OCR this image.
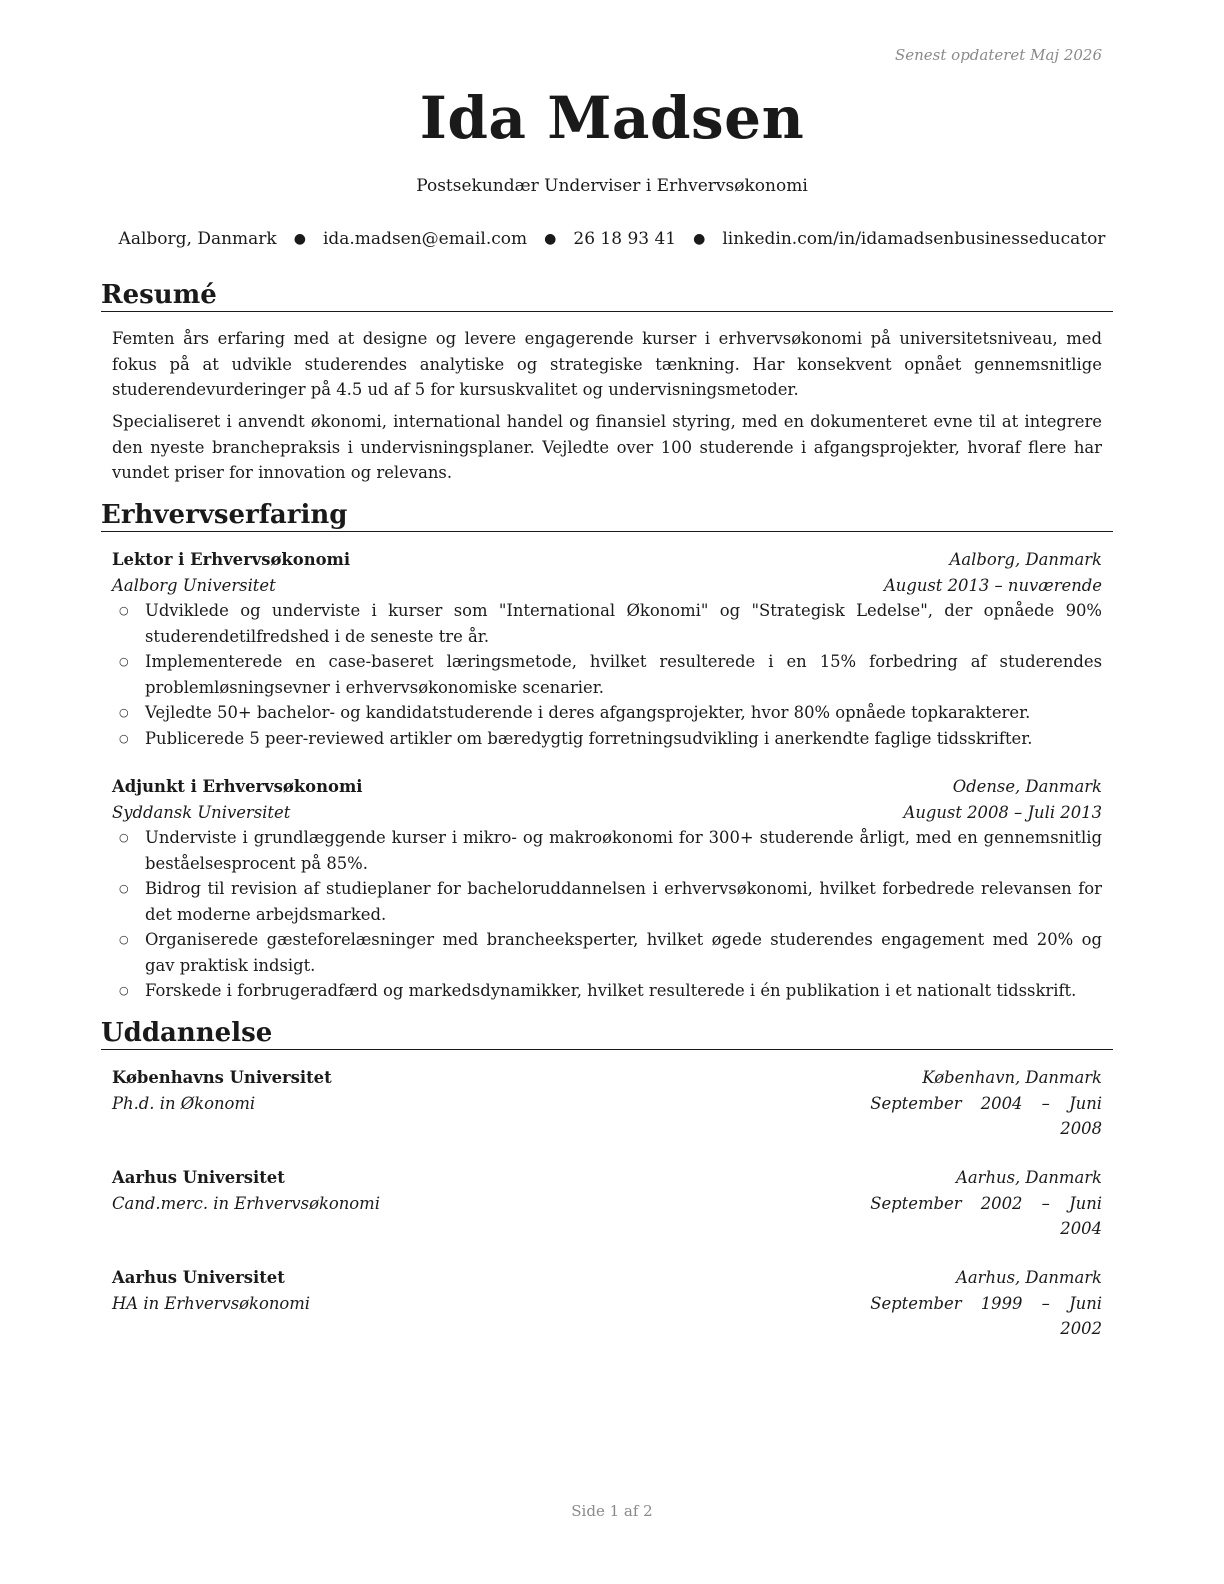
Senest opdateret Maj 2026
Ida Madsen
Postsekundær Underviser i Erhvervsøkonomi
Aalborg, Danmark ● ida.madsen@email.com ● 26 18 93 41 ● linkedin.com/in/idamadsenbusinesseducator
Resumé
Femten års erfaring med at designe og levere engagerende kurser i erhvervsøkonomi på universitetsniveau, med fokus på at udvikle studerendes analytiske og strategiske tænkning. Har konsekvent opnået gennemsnitlige studerendevurderinger på 4.5 ud af 5 for kursuskvalitet og undervisningsmetoder.
Specialiseret i anvendt økonomi, international handel og finansiel styring, med en dokumenteret evne til at integrere den nyeste branchepraksis i undervisningsplaner. Vejledte over 100 studerende i afgangsprojekter, hvoraf flere har vundet priser for innovation og relevans.
Erhvervserfaring
Lektor i Erhvervsøkonomi	Aalborg, Danmark
Aalborg Universitet	August 2013 – nuværende
○ Udviklede og underviste i kurser som "International Økonomi" og "Strategisk Ledelse", der opnåede 90% studerendetilfredshed i de seneste tre år.
○ Implementerede en case-baseret læringsmetode, hvilket resulterede i en 15% forbedring af studerendes problemløsningsevner i erhvervsøkonomiske scenarier.
○ Vejledte 50+ bachelor- og kandidatstuderende i deres afgangsprojekter, hvor 80% opnåede topkarakterer.
○ Publicerede 5 peer-reviewed artikler om bæredygtig forretningsudvikling i anerkendte faglige tidsskrifter.
Adjunkt i Erhvervsøkonomi	Odense, Danmark
Syddansk Universitet	August 2008 – Juli 2013
○ Underviste i grundlæggende kurser i mikro- og makroøkonomi for 300+ studerende årligt, med en gennemsnitlig beståelsesprocent på 85%.
○ Bidrog til revision af studieplaner for bacheloruddannelsen i erhvervsøkonomi, hvilket forbedrede relevansen for det moderne arbejdsmarked.
○ Organiserede gæsteforelæsninger med brancheeksperter, hvilket øgede studerendes engagement med 20% og gav praktisk indsigt.
○ Forskede i forbrugeradfærd og markedsdynamikker, hvilket resulterede i én publikation i et nationalt tidsskrift.
Uddannelse
Københavns Universitet	København, Danmark
Ph.d. in Økonomi	September 2004 – Juni 2008
Aarhus Universitet	Aarhus, Danmark
Cand.merc. in Erhvervsøkonomi	September 2002 – Juni 2004
Aarhus Universitet	Aarhus, Danmark
HA in Erhvervsøkonomi	September 1999 – Juni 2002
Side 1 af 2
